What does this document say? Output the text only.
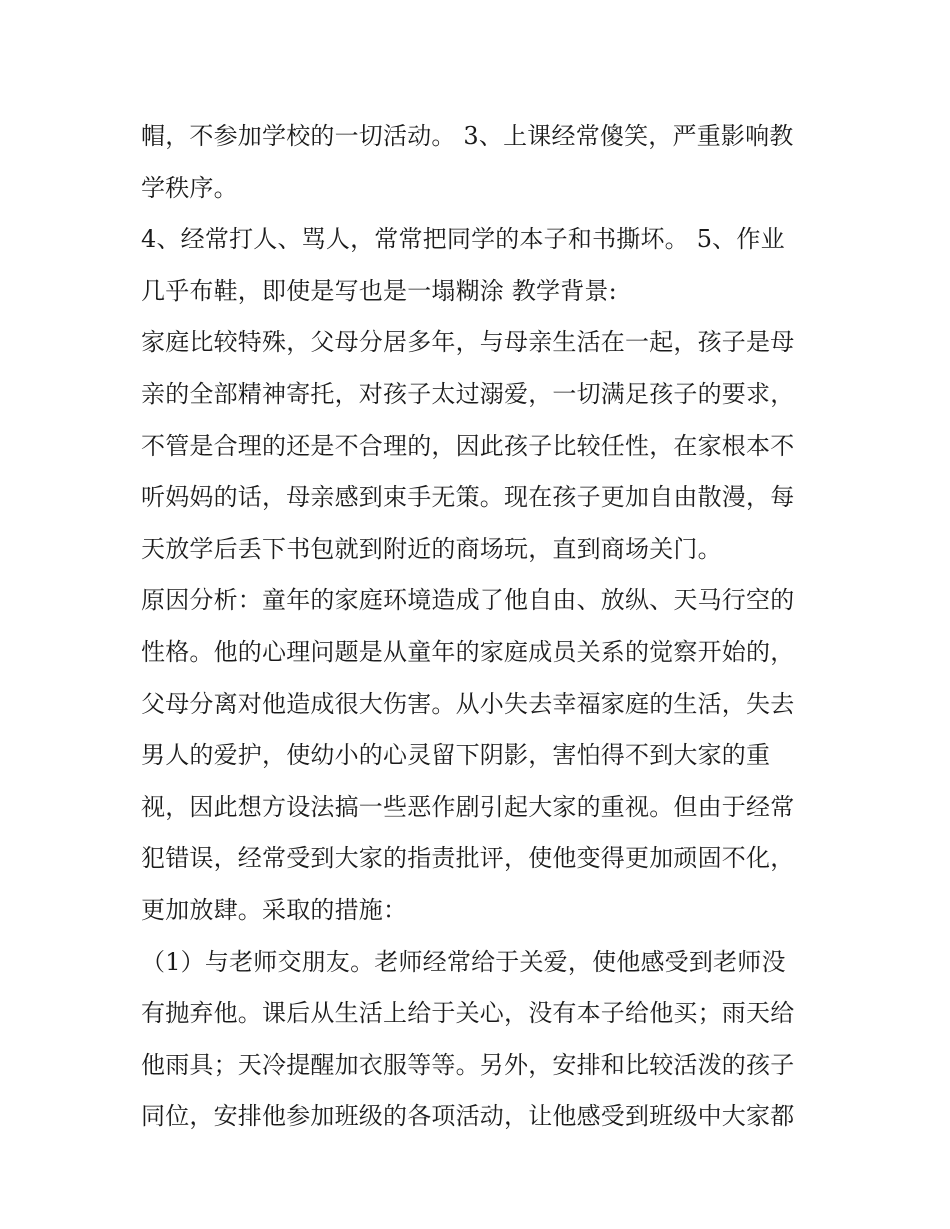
帽，不参加学校的一切活动。 3、上课经常傻笑，严重影响教
学秩序。
4、经常打人、骂人，常常把同学的本子和书撕坏。 5、作业
几乎布鞋，即使是写也是一塌糊涂 教学背景:
家庭比较特殊，父母分居多年，与母亲生活在一起，孩子是母
亲的全部精神寄托，对孩子太过溺爱，一切满足孩子的要求，
不管是合理的还是不合理的，因此孩子比较任性，在家根本不
听妈妈的话，母亲感到束手无策。现在孩子更加自由散漫，每
天放学后丢下书包就到附近的商场玩，直到商场关门。
原因分析：童年的家庭环境造成了他自由、放纵、天马行空的
性格。他的心理问题是从童年的家庭成员关系的觉察开始的，
父母分离对他造成很大伤害。从小失去幸福家庭的生活，失去
男人的爱护，使幼小的心灵留下阴影，害怕得不到大家的重
视，因此想方设法搞一些恶作剧引起大家的重视。但由于经常
犯错误，经常受到大家的指责批评，使他变得更加顽固不化，
更加放肆。采取的措施：
（1）与老师交朋友。老师经常给于关爱，使他感受到老师没
有抛弃他。课后从生活上给于关心，没有本子给他买；雨天给
他雨具；天冷提醒加衣服等等。另外，安排和比较活泼的孩子
同位，安排他参加班级的各项活动，让他感受到班级中大家都
